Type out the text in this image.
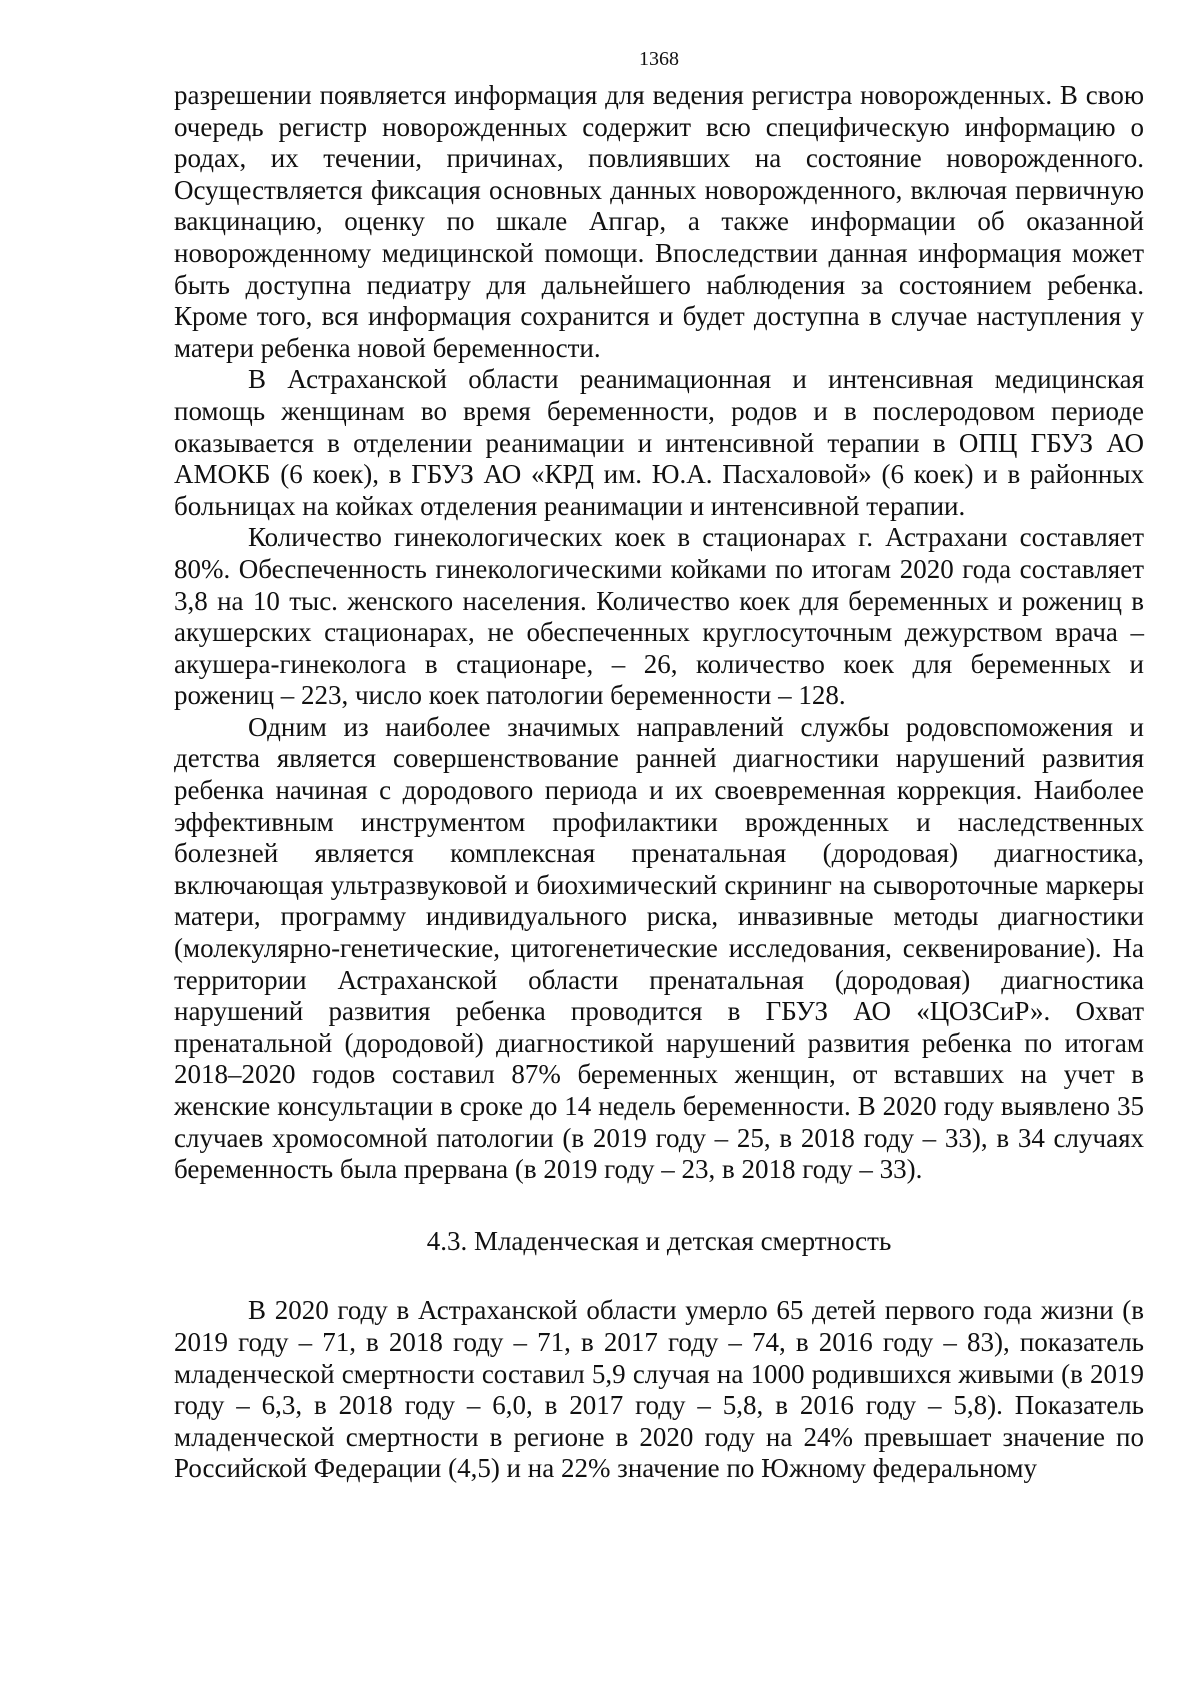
1368

разрешении появляется информация для ведения регистра новорожденных. В свою очередь регистр новорожденных содержит всю специфическую информацию о родах, их течении, причинах, повлиявших на состояние новорожденного. Осуществляется фиксация основных данных новорожденного, включая первичную вакцинацию, оценку по шкале Апгар, а также информации об оказанной новорожденному медицинской помощи. Впоследствии данная информация может быть доступна педиатру для дальнейшего наблюдения за состоянием ребенка. Кроме того, вся информация сохранится и будет доступна в случае наступления у матери ребенка новой беременности.

В Астраханской области реанимационная и интенсивная медицинская помощь женщинам во время беременности, родов и в послеродовом периоде оказывается в отделении реанимации и интенсивной терапии в ОПЦ ГБУЗ АО АМОКБ (6 коек), в ГБУЗ АО «КРД им. Ю.А. Пасхаловой» (6 коек) и в районных больницах на койках отделения реанимации и интенсивной терапии.

Количество гинекологических коек в стационарах г. Астрахани составляет 80%. Обеспеченность гинекологическими койками по итогам 2020 года составляет 3,8 на 10 тыс. женского населения. Количество коек для беременных и рожениц в акушерских стационарах, не обеспеченных круглосуточным дежурством врача – акушера-гинеколога в стационаре, – 26, количество коек для беременных и рожениц – 223, число коек патологии беременности – 128.

Одним из наиболее значимых направлений службы родовспоможения и детства является совершенствование ранней диагностики нарушений развития ребенка начиная с дородового периода и их своевременная коррекция. Наиболее эффективным инструментом профилактики врожденных и наследственных болезней является комплексная пренатальная (дородовая) диагностика, включающая ультразвуковой и биохимический скрининг на сывороточные маркеры матери, программу индивидуального риска, инвазивные методы диагностики (молекулярно-генетические, цитогенетические исследования, секвенирование). На территории Астраханской области пренатальная (дородовая) диагностика нарушений развития ребенка проводится в ГБУЗ АО «ЦОЗСиР». Охват пренатальной (дородовой) диагностикой нарушений развития ребенка по итогам 2018–2020 годов составил 87% беременных женщин, от вставших на учет в женские консультации в сроке до 14 недель беременности. В 2020 году выявлено 35 случаев хромосомной патологии (в 2019 году – 25, в 2018 году – 33), в 34 случаях беременность была прервана (в 2019 году – 23, в 2018 году – 33).

4.3. Младенческая и детская смертность

В 2020 году в Астраханской области умерло 65 детей первого года жизни (в 2019 году – 71, в 2018 году – 71, в 2017 году – 74, в 2016 году – 83), показатель младенческой смертности составил 5,9 случая на 1000 родившихся живыми (в 2019 году – 6,3, в 2018 году – 6,0, в 2017 году – 5,8, в 2016 году – 5,8). Показатель младенческой смертности в регионе в 2020 году на 24% превышает значение по Российской Федерации (4,5) и на 22% значение по Южному федеральному
